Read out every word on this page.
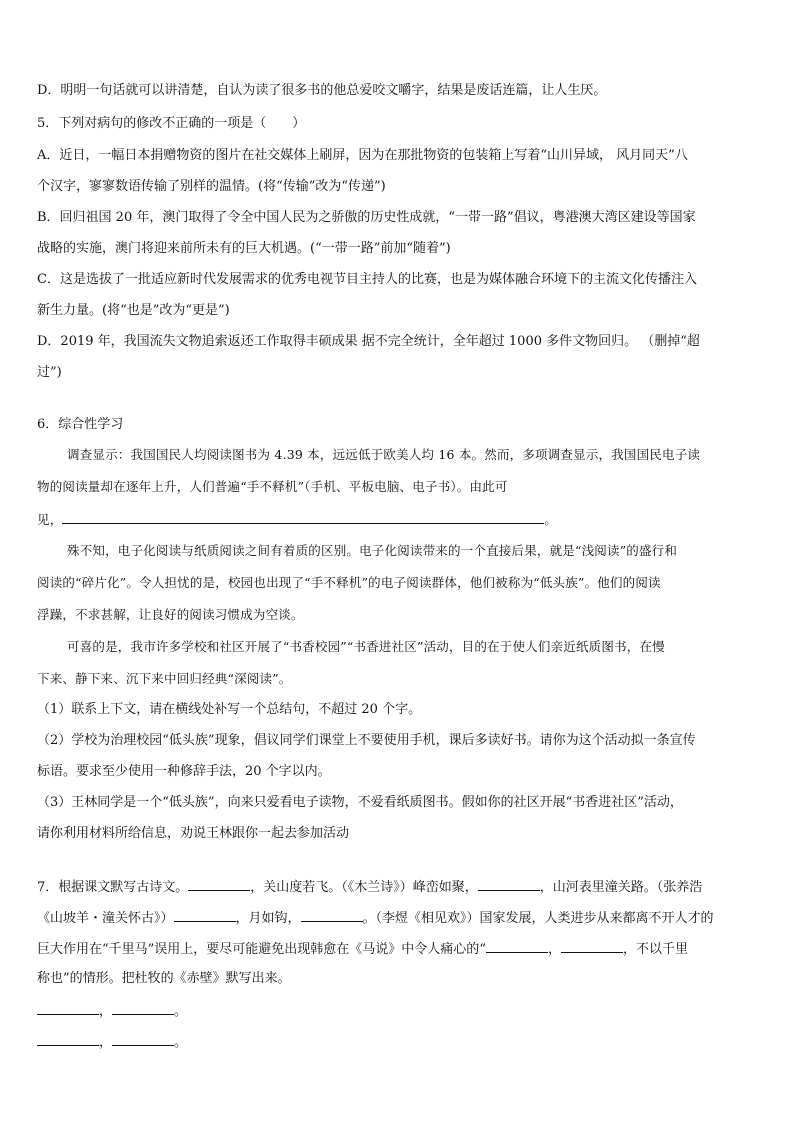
D．明明一句话就可以讲清楚，自认为读了很多书的他总爱咬文嚼字，结果是废话连篇，让人生厌。
5．下列对病句的修改不正确的一项是（　　）
A．近日，一幅日本捐赠物资的图片在社交媒体上刷屏，因为在那批物资的包装箱上写着“山川异域， 风月同天”八
个汉字，寥寥数语传输了别样的温情。(将“传输”改为“传递”)
B．回归祖国 20 年，澳门取得了令全中国人民为之骄傲的历史性成就，“一带一路”倡议，粤港澳大湾区建设等国家
战略的实施，澳门将迎来前所未有的巨大机遇。(“一带一路”前加“随着”)
C．这是选拔了一批适应新时代发展需求的优秀电视节目主持人的比赛，也是为媒体融合环境下的主流文化传播注入
新生力量。(将“也是”改为“更是”)
D．2019 年，我国流失文物追索返还工作取得丰硕成果 据不完全统计，全年超过 1000 多件文物回归。 （删掉“超
过”)
6．综合性学习
调查显示：我国国民人均阅读图书为 4.39 本，远远低于欧美人均 16 本。然而，多项调查显示，我国国民电子读
物的阅读量却在逐年上升，人们普遍“手不释机”（手机、平板电脑、电子书）。由此可
见，	。
殊不知，电子化阅读与纸质阅读之间有着质的区别。电子化阅读带来的一个直接后果，就是“浅阅读”的盛行和
阅读的“碎片化”。令人担忧的是，校园也出现了“手不释机”的电子阅读群体，他们被称为“低头族”。他们的阅读
浮躁，不求甚解，让良好的阅读习惯成为空谈。
可喜的是，我市许多学校和社区开展了“书香校园”“书香进社区”活动，目的在于使人们亲近纸质图书，在慢
下来、静下来、沉下来中回归经典“深阅读”。
（1）联系上下文，请在横线处补写一个总结句，不超过 20 个字。
（2）学校为治理校园“低头族”现象，倡议同学们课堂上不要使用手机，课后多读好书。请你为这个活动拟一条宣传
标语。要求至少使用一种修辞手法，20 个字以内。
（3）王林同学是一个“低头族”，向来只爱看电子读物，不爱看纸质图书。假如你的社区开展“书香进社区”活动，
请你利用材料所给信息，劝说王林跟你一起去参加活动
7．根据课文默写古诗文。	，关山度若飞。（《木兰诗》）峰峦如聚，	，山河表里潼关路。（张养浩
《山坡羊・潼关怀古》）	，月如钩，	。（李煜《相见欢》）国家发展，人类进步从来都离不开人才的
巨大作用在“千里马”误用上，要尽可能避免出现韩愈在《马说》中令人痛心的“	，	，不以千里
称也”的情形。把杜牧的《赤壁》默写出来。
，	。
，	。
